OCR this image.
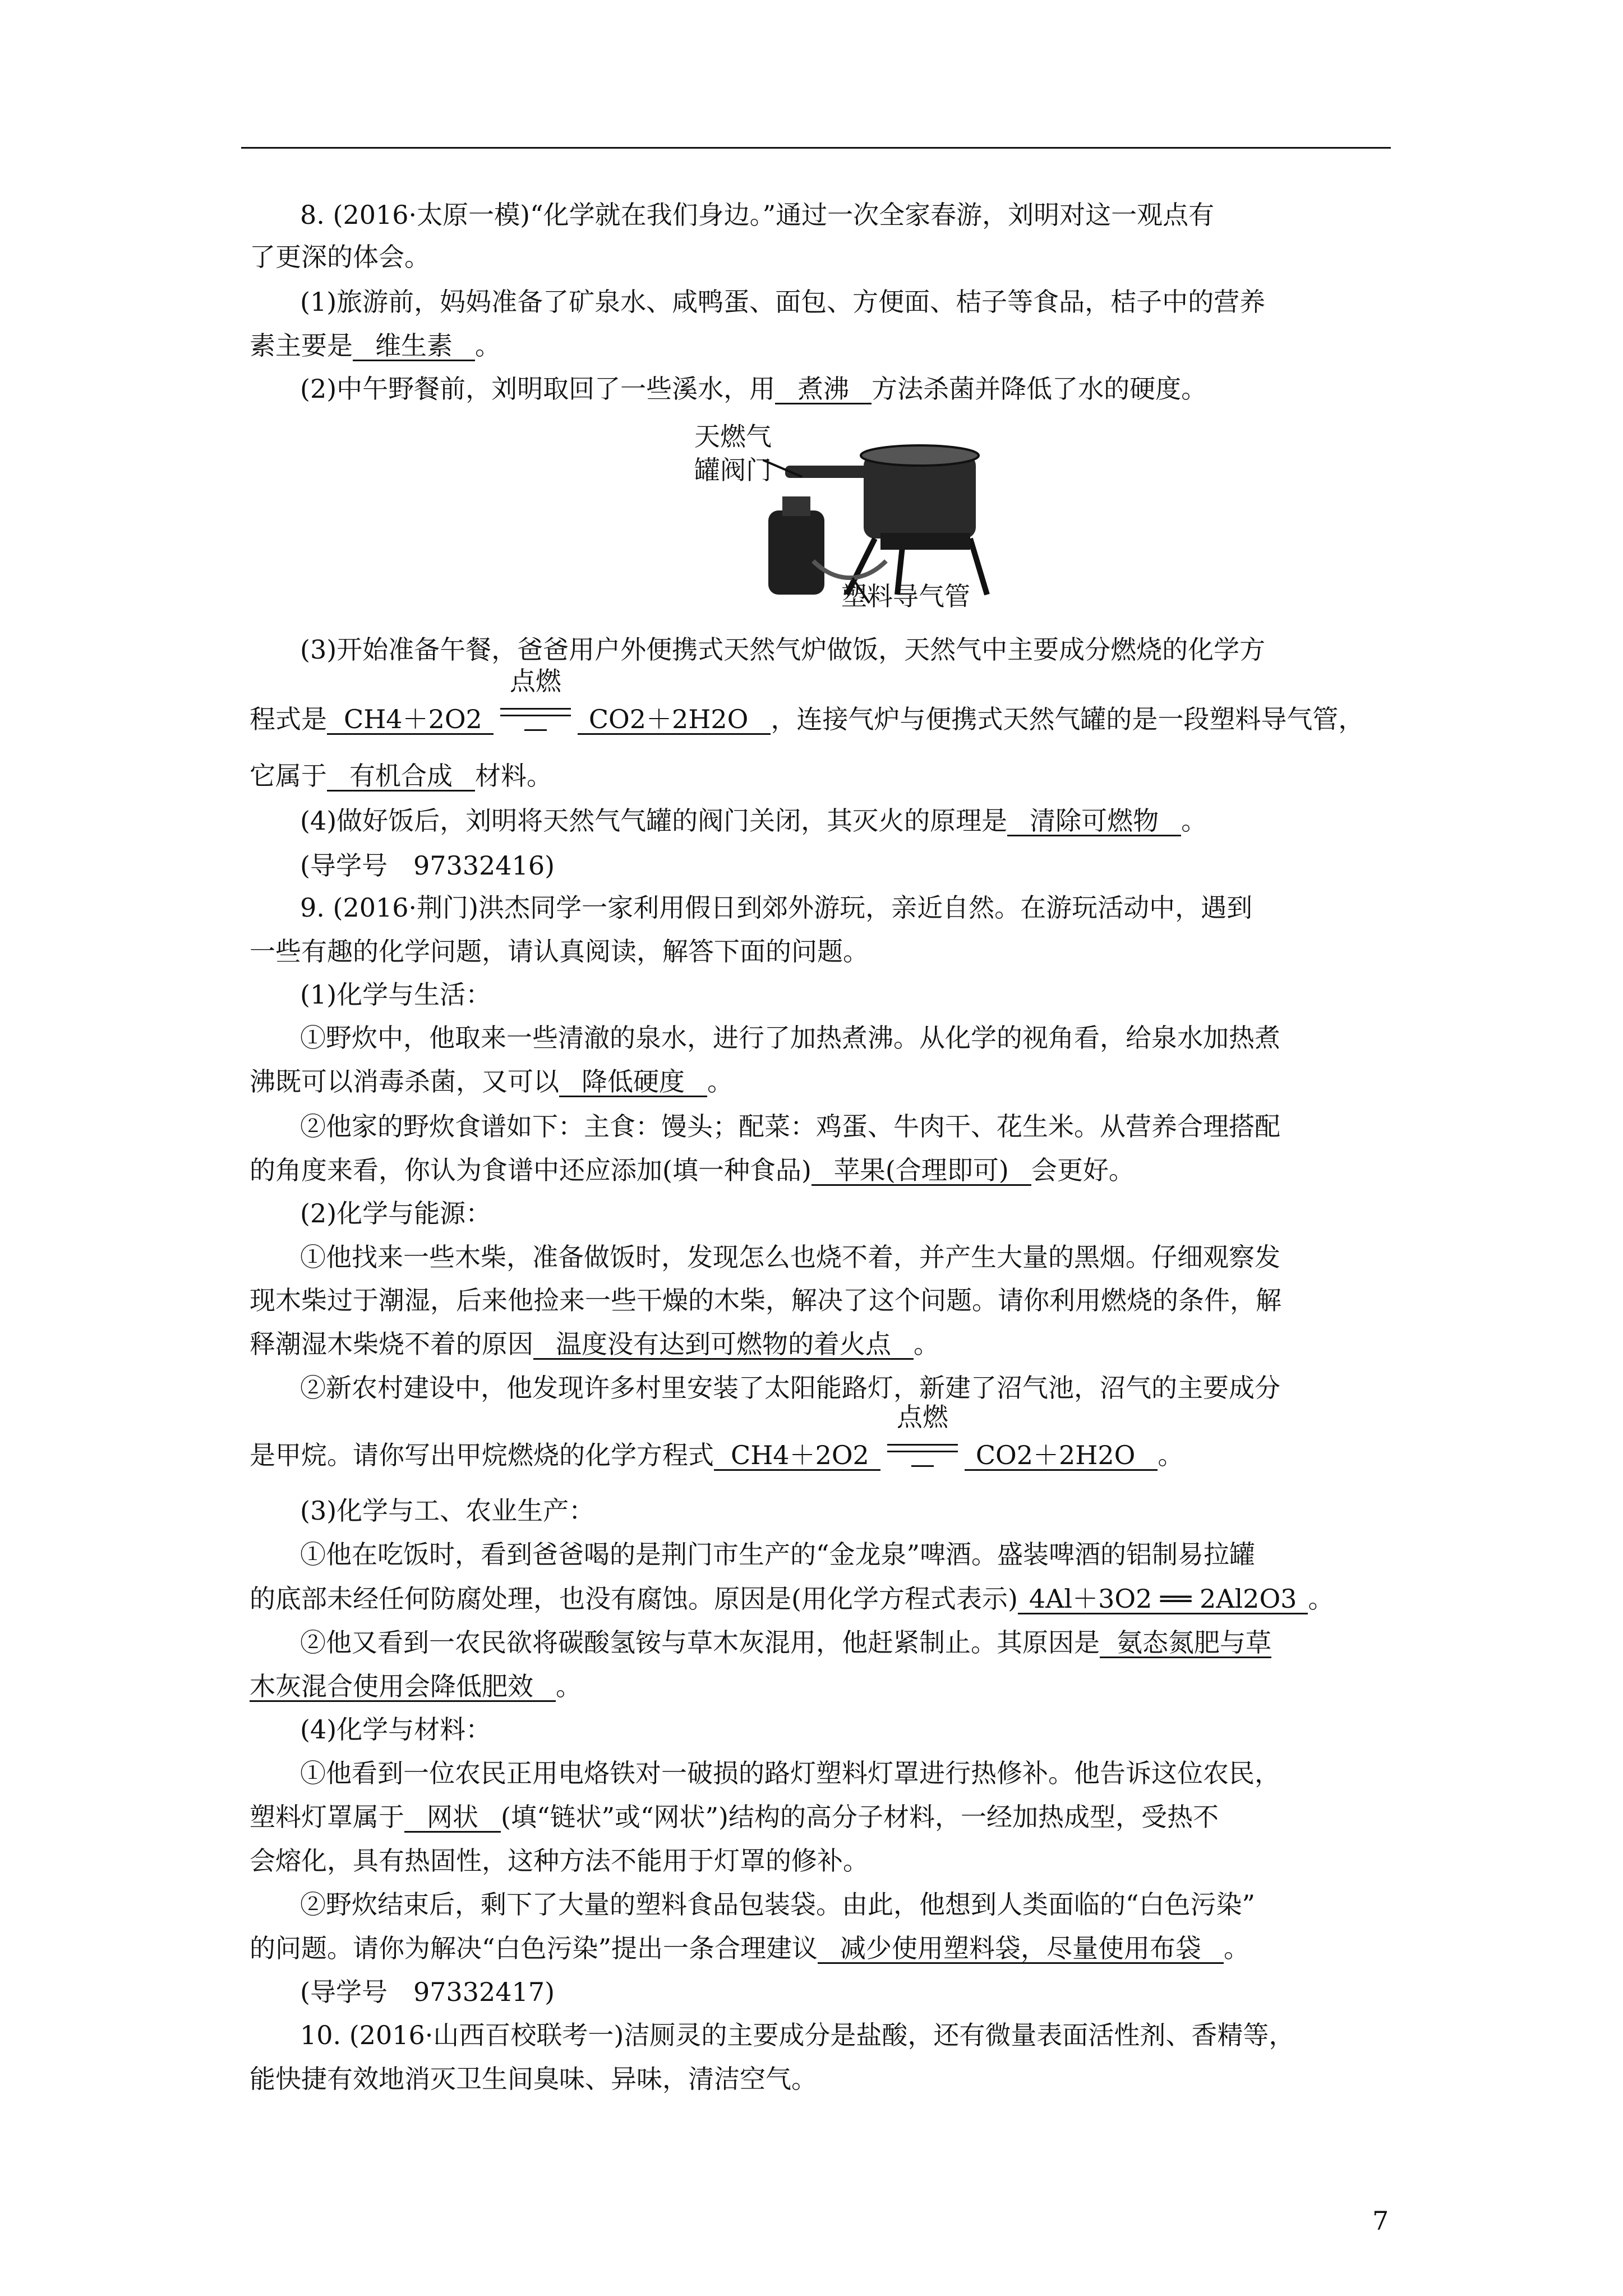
8. (2016·太原一模)“化学就在我们身边。”通过一次全家春游，刘明对这一观点有
了更深的体会。
(1)旅游前，妈妈准备了矿泉水、咸鸭蛋、面包、方便面、桔子等食品，桔子中的营养
素主要是 维生素 。
(2)中午野餐前，刘明取回了一些溪水，用 煮沸 方法杀菌并降低了水的硬度。
天燃气
罐阀门
塑料导气管
(3)开始准备午餐，爸爸用户外便携式天然气炉做饭，天然气中主要成分燃烧的化学方
程式是 CH4＋2O2
点燃
CO2＋2H2O ，连接气炉与便携式天然气罐的是一段塑料导气管，
它属于 有机合成 材料。
(4)做好饭后，刘明将天然气气罐的阀门关闭，其灭火的原理是 清除可燃物 。
(导学号　97332416)
9. (2016·荆门)洪杰同学一家利用假日到郊外游玩，亲近自然。在游玩活动中，遇到
一些有趣的化学问题，请认真阅读，解答下面的问题。
(1)化学与生活：
①野炊中，他取来一些清澈的泉水，进行了加热煮沸。从化学的视角看，给泉水加热煮
沸既可以消毒杀菌，又可以 降低硬度 。
②他家的野炊食谱如下：主食：馒头；配菜：鸡蛋、牛肉干、花生米。从营养合理搭配
的角度来看，你认为食谱中还应添加(填一种食品) 苹果(合理即可) 会更好。
(2)化学与能源：
①他找来一些木柴，准备做饭时，发现怎么也烧不着，并产生大量的黑烟。仔细观察发
现木柴过于潮湿，后来他捡来一些干燥的木柴，解决了这个问题。请你利用燃烧的条件，解
释潮湿木柴烧不着的原因 温度没有达到可燃物的着火点 。
②新农村建设中，他发现许多村里安装了太阳能路灯，新建了沼气池，沼气的主要成分
是甲烷。请你写出甲烷燃烧的化学方程式 CH4＋2O2
点燃
CO2＋2H2O 。
(3)化学与工、农业生产：
①他在吃饭时，看到爸爸喝的是荆门市生产的“金龙泉”啤酒。盛装啤酒的铝制易拉罐
的底部未经任何防腐处理，也没有腐蚀。原因是(用化学方程式表示) 4Al＋3O2 ══ 2Al2O3 。
②他又看到一农民欲将碳酸氢铵与草木灰混用，他赶紧制止。其原因是 氨态氮肥与草
木灰混合使用会降低肥效 。
(4)化学与材料：
①他看到一位农民正用电烙铁对一破损的路灯塑料灯罩进行热修补。他告诉这位农民，
塑料灯罩属于 网状 (填“链状”或“网状”)结构的高分子材料，一经加热成型，受热不
会熔化，具有热固性，这种方法不能用于灯罩的修补。
②野炊结束后，剩下了大量的塑料食品包装袋。由此，他想到人类面临的“白色污染”
的问题。请你为解决“白色污染”提出一条合理建议 减少使用塑料袋，尽量使用布袋 。
(导学号　97332417)
10. (2016·山西百校联考一)洁厕灵的主要成分是盐酸，还有微量表面活性剂、香精等，
能快捷有效地消灭卫生间臭味、异味，清洁空气。
7
